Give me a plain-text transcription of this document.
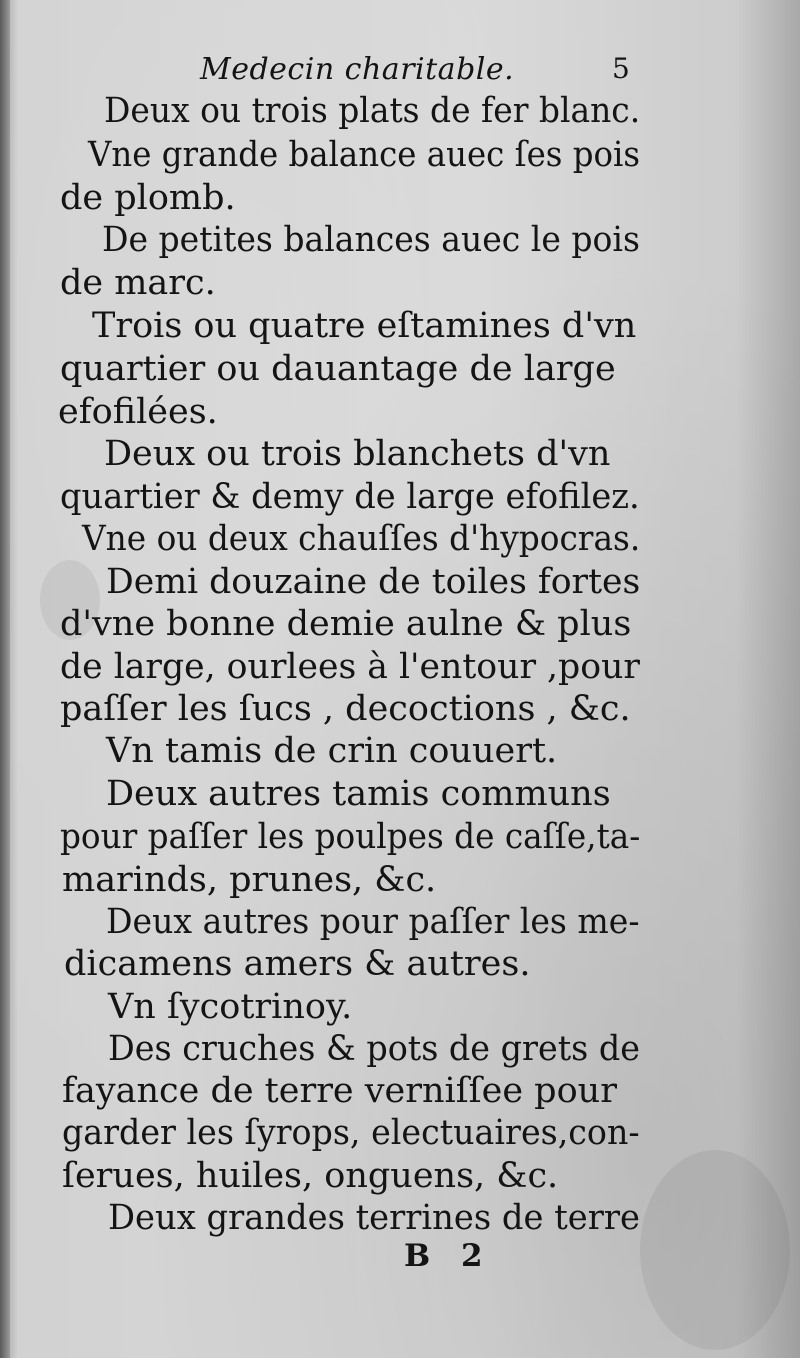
Medecin charitable.	5
Deux ou trois plats de fer blanc.
Vne grande balance auec ſes pois
de plomb.
De petites balances auec le pois
de marc.
Trois ou quatre eſtamines d'vn
quartier ou dauantage de large
efofilées.
Deux ou trois blanchets d'vn
quartier & demy de large efofilez.
Vne ou deux chauſſes d'hypocras.
Demi douzaine de toiles fortes
d'vne bonne demie aulne & plus
de large, ourlees à l'entour ,pour
paſſer les ſucs , decoctions , &c.
Vn tamis de crin couuert.
Deux autres tamis communs
pour paſſer les poulpes de caſſe,ta-
marinds, prunes, &c.
Deux autres pour paſſer les me-
dicamens amers & autres.
Vn ſycotrinoy.
Des cruches & pots de grets de
fayance de terre verniſſee pour
garder les ſyrops, electuaires,con-
ſerues, huiles, onguens, &c.
Deux grandes terrines de terre
B 2
